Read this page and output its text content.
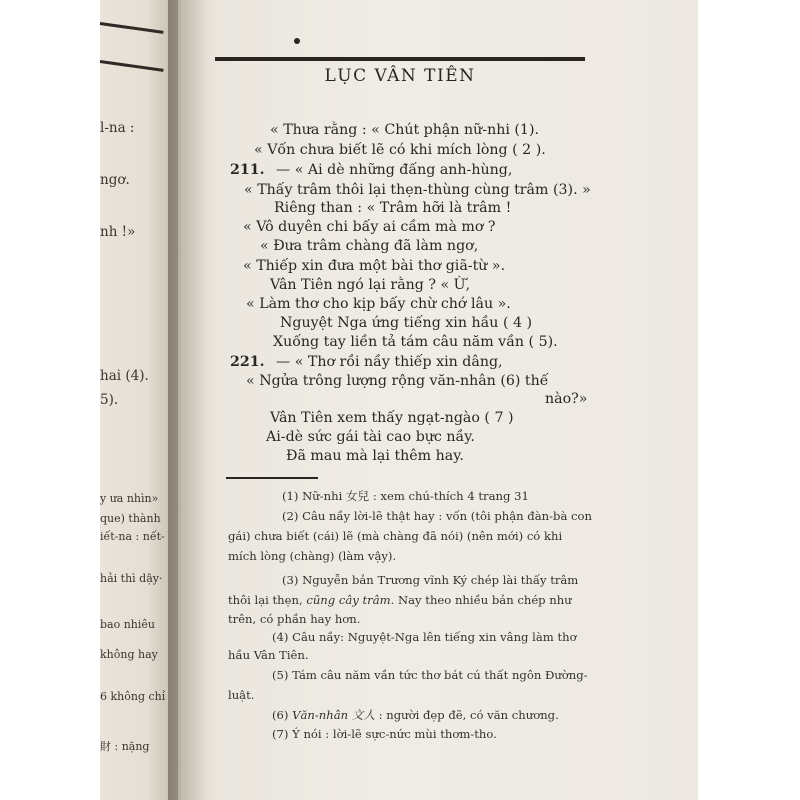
l-na :
ngơ.
nh !»
hai (4).
5).
y ưa nhìn»
que) thành
iết-na : nết-
hải thì dậy·
bao nhiêu
không hay
6 không chỉ
財 : nặng
LỤC VÂN TIÊN
« Thưa rằng : « Chút phận nữ-nhi (1).
« Vốn chưa biết lẽ có khi mích lòng ( 2 ).
211. — « Ai dè những đấng anh-hùng,
« Thấy trâm thôi lại thẹn-thùng cùng trâm (3). »
Riêng than : « Trâm hỡi là trâm !
« Vô duyên chi bấy ai cầm mà mơ ?
« Đưa trâm chàng đã làm ngơ,
« Thiếp xin đưa một bài thơ giã-từ ».
Vân Tiên ngó lại rằng ? « Ừ,
« Làm thơ cho kịp bấy chừ chớ lâu ».
Nguyệt Nga ứng tiếng xin hầu ( 4 )
Xuống tay liền tả tám câu năm vần ( 5).
221. — « Thơ rồi nầy thiếp xin dâng,
« Ngửa trông lượng rộng văn-nhân (6) thế
nào?»
Vân Tiên xem thấy ngạt-ngào ( 7 )
Ai-dè sức gái tài cao bực nầy.
Đã mau mà lại thêm hay.
(1) Nữ-nhi 女兒 : xem chú-thích 4 trang 31
(2) Câu nầy lời-lẽ thật hay : vốn (tôi phận đàn-bà con
gái) chưa biết (cái) lẽ (mà chàng đã nói) (nên mới) có khi
mích lòng (chàng) (làm vậy).
(3) Nguyễn bản Trương vĩnh Ký chép lài thấy trâm
thôi lại thẹn, cũng cây trâm. Nay theo nhiều bản chép như
trên, có phần hay hơn.
(4) Câu nầy: Nguyệt-Nga lên tiếng xin vâng làm thơ
hầu Vân Tiên.
(5) Tám câu năm vần tức thơ bát cú thất ngôn Đường-
luật.
(6) Văn-nhân 文人 : người đẹp đẽ, có văn chương.
(7) Ý nói : lời-lẽ sực-nức mùi thơm-tho.
